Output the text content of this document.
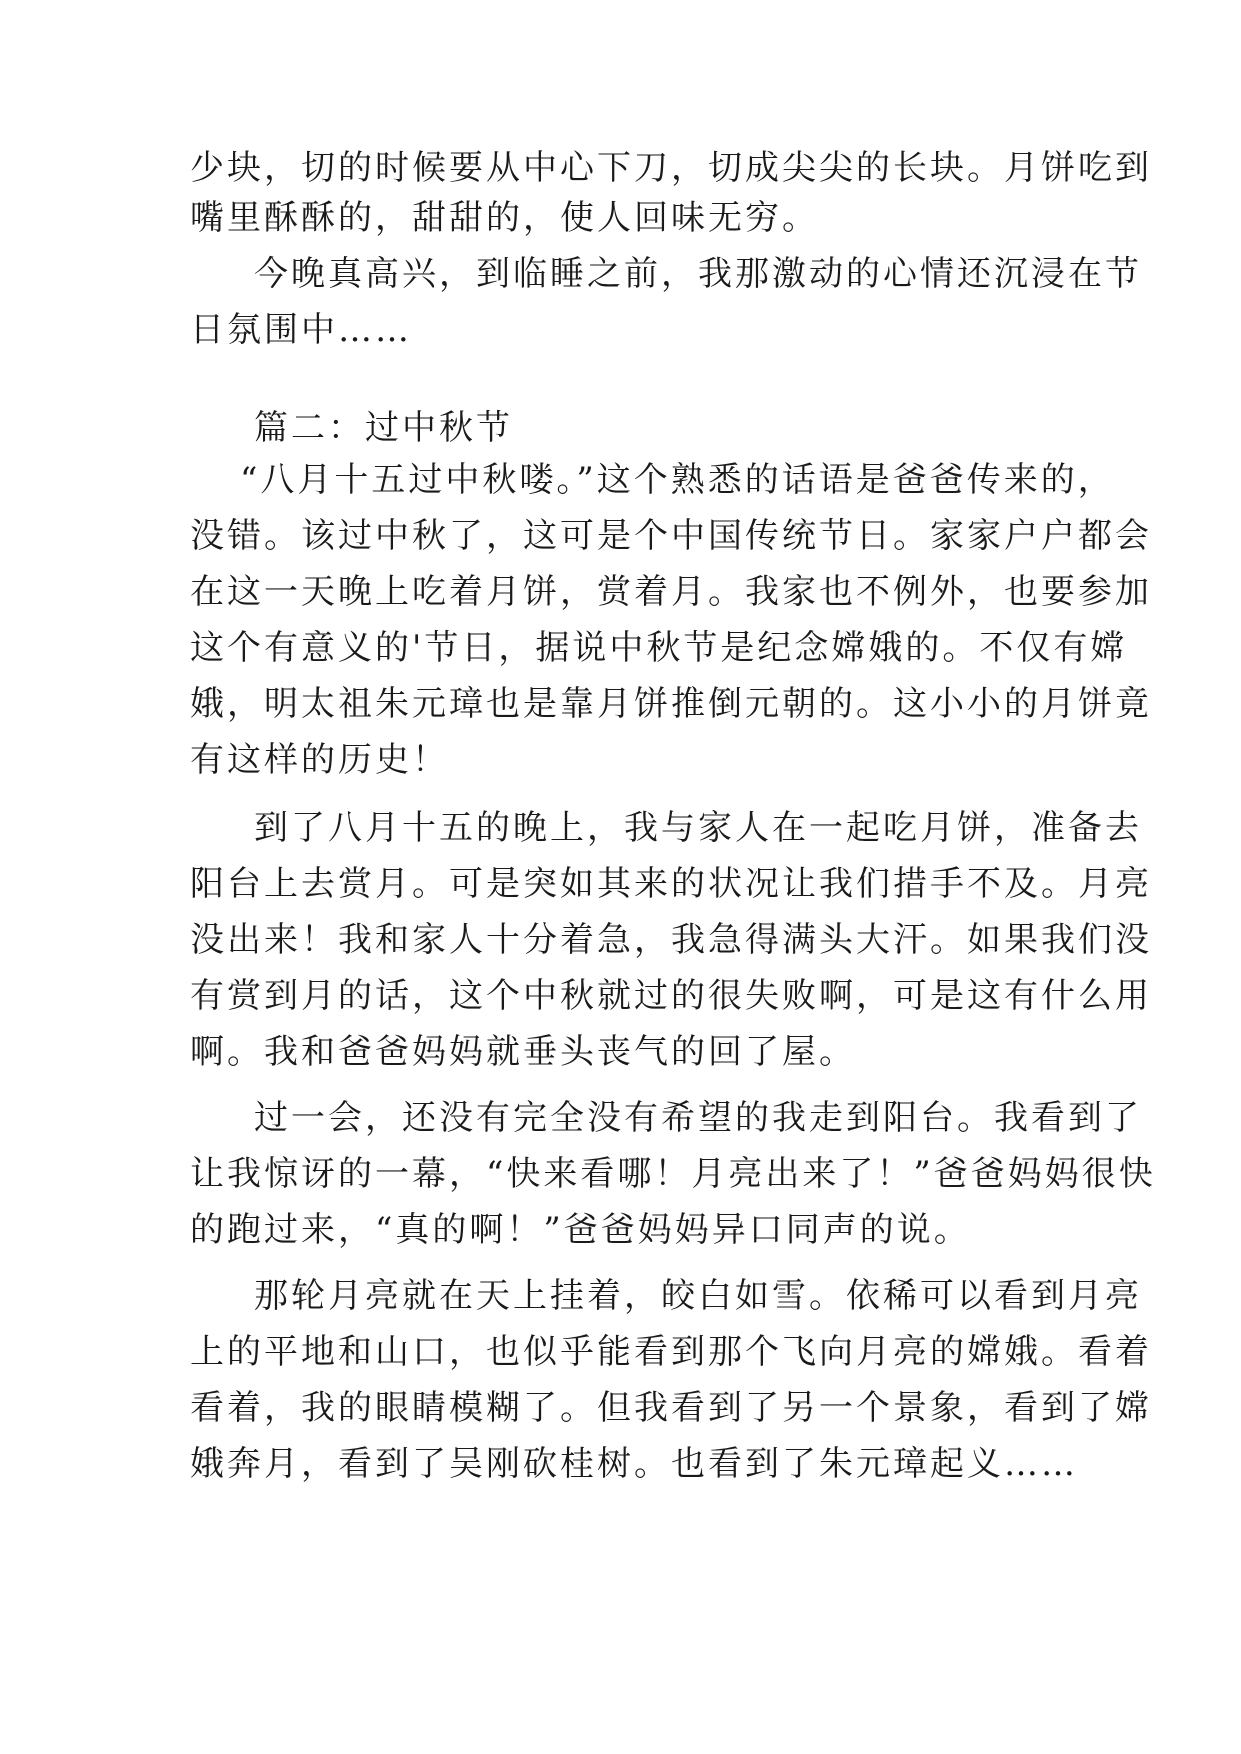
少块，切的时候要从中心下刀，切成尖尖的长块。月饼吃到
嘴里酥酥的，甜甜的，使人回味无穷。
今晚真高兴，到临睡之前，我那激动的心情还沉浸在节
日氛围中……
篇二：过中秋节
“八月十五过中秋喽。”这个熟悉的话语是爸爸传来的，
没错。该过中秋了，这可是个中国传统节日。家家户户都会
在这一天晚上吃着月饼，赏着月。我家也不例外，也要参加
这个有意义的'节日，据说中秋节是纪念嫦娥的。不仅有嫦
娥，明太祖朱元璋也是靠月饼推倒元朝的。这小小的月饼竟
有这样的历史！
到了八月十五的晚上，我与家人在一起吃月饼，准备去
阳台上去赏月。可是突如其来的状况让我们措手不及。月亮
没出来！我和家人十分着急，我急得满头大汗。如果我们没
有赏到月的话，这个中秋就过的很失败啊，可是这有什么用
啊。我和爸爸妈妈就垂头丧气的回了屋。
过一会，还没有完全没有希望的我走到阳台。我看到了
让我惊讶的一幕，“快来看哪！月亮出来了！”爸爸妈妈很快
的跑过来，“真的啊！”爸爸妈妈异口同声的说。
那轮月亮就在天上挂着，皎白如雪。依稀可以看到月亮
上的平地和山口，也似乎能看到那个飞向月亮的嫦娥。看着
看着，我的眼睛模糊了。但我看到了另一个景象，看到了嫦
娥奔月，看到了吴刚砍桂树。也看到了朱元璋起义……
